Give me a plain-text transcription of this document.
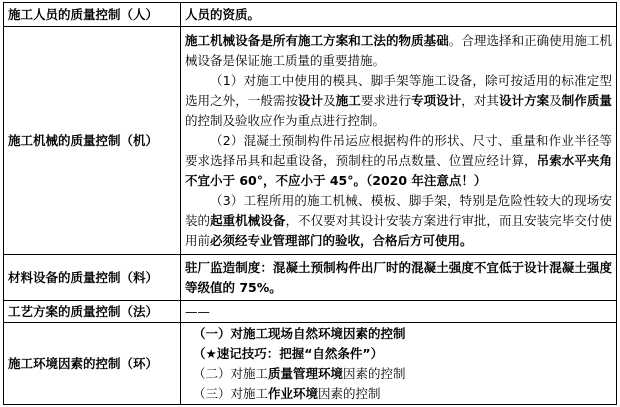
施工人员的质量控制（人）	人员的资质。
施工机械的质量控制（机）	施工机械设备是所有施工方案和工法的物质基础。合理选择和正确使用施工机械设备是保证施工质量的重要措施。
（1）对施工中使用的模具、脚手架等施工设备，除可按适用的标准定型选用之外，一般需按设计及施工要求进行专项设计，对其设计方案及制作质量的控制及验收应作为重点进行控制。
（2）混凝土预制构件吊运应根据构件的形状、尺寸、重量和作业半径等要求选择吊具和起重设备，预制柱的吊点数量、位置应经计算，吊索水平夹角不宜小于 60°，不应小于 45°。（2020 年注意点！）
（3）工程所用的施工机械、模板、脚手架，特别是危险性较大的现场安装的起重机械设备，不仅要对其设计安装方案进行审批，而且安装完毕交付使用前必须经专业管理部门的验收，合格后方可使用。

材料设备的质量控制（料）	驻厂监造制度：混凝土预制构件出厂时的混凝土强度不宜低于设计混凝土强度等级值的 75%。
工艺方案的质量控制（法）	——
施工环境因素的控制（环）	（一）对施工现场自然环境因素的控制
（★速记技巧：把握“自然条件”）
（二）对施工质量管理环境因素的控制
（三）对施工作业环境因素的控制
